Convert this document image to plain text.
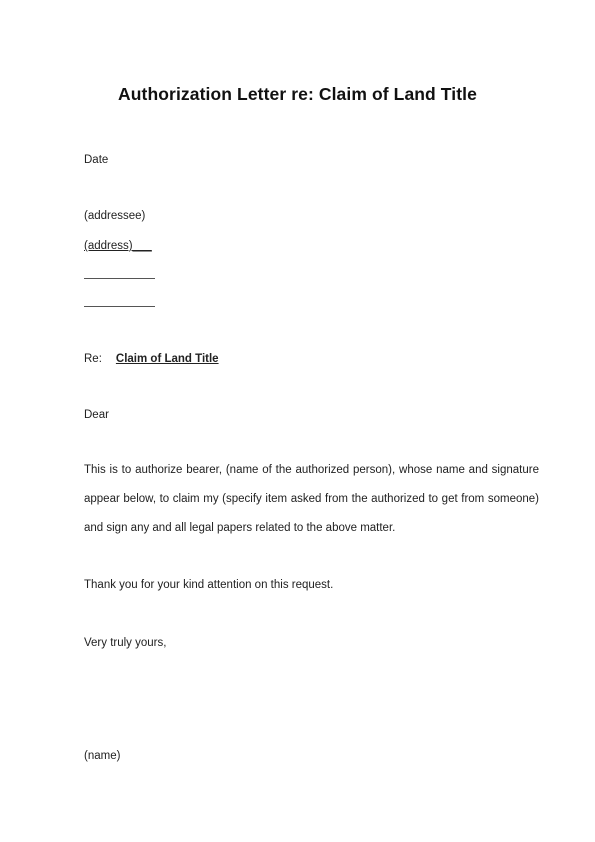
Authorization Letter re: Claim of Land Title
Date
(addressee)
(address)___
Re: Claim of Land Title
Dear
This is to authorize bearer, (name of the authorized person), whose name and signature appear below, to claim my (specify item asked from the authorized to get from someone) and sign any and all legal papers related to the above matter.
Thank you for your kind attention on this request.
Very truly yours,
(name)
